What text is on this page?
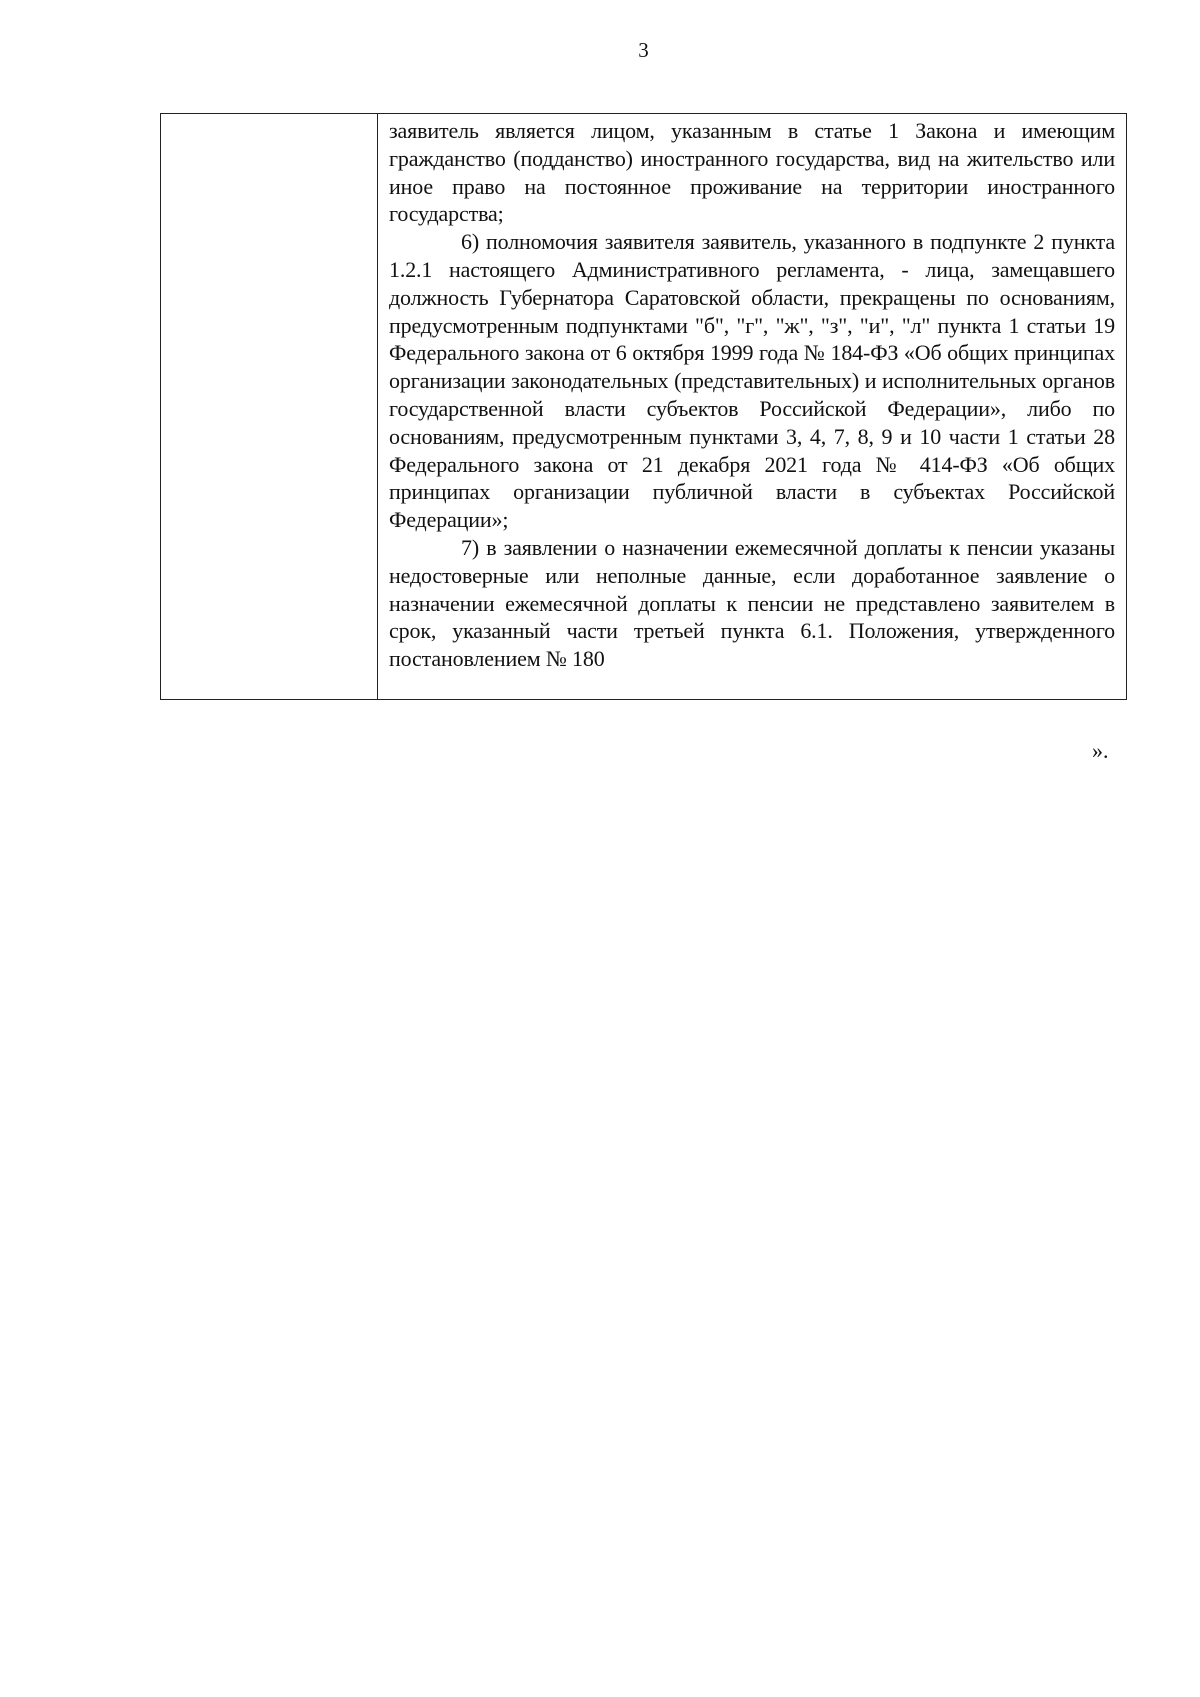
3

заявитель является лицом, указанным в статье 1 Закона и имеющим гражданство (подданство) иностранного государства, вид на жительство или иное право на постоянное проживание на территории иностранного государства;

6) полномочия заявителя заявитель, указанного в подпункте 2 пункта 1.2.1 настоящего Административного регламента, - лица, замещавшего должность Губернатора Саратовской области, прекращены по основаниям, предусмотренным подпунктами "б", "г", "ж", "з", "и", "л" пункта 1 статьи 19 Федерального закона от 6 октября 1999 года № 184-ФЗ «Об общих принципах организации законодательных (представительных) и исполнительных органов государственной власти субъектов Российской Федерации», либо по основаниям, предусмотренным пунктами 3, 4, 7, 8, 9 и 10 части 1 статьи 28 Федерального закона от 21 декабря 2021 года № 414-ФЗ «Об общих принципах организации публичной власти в субъектах Российской Федерации»;

7) в заявлении о назначении ежемесячной доплаты к пенсии указаны недостоверные или неполные данные, если доработанное заявление о назначении ежемесячной доплаты к пенсии не представлено заявителем в срок, указанный части третьей пункта 6.1. Положения, утвержденного постановлением № 180

».
